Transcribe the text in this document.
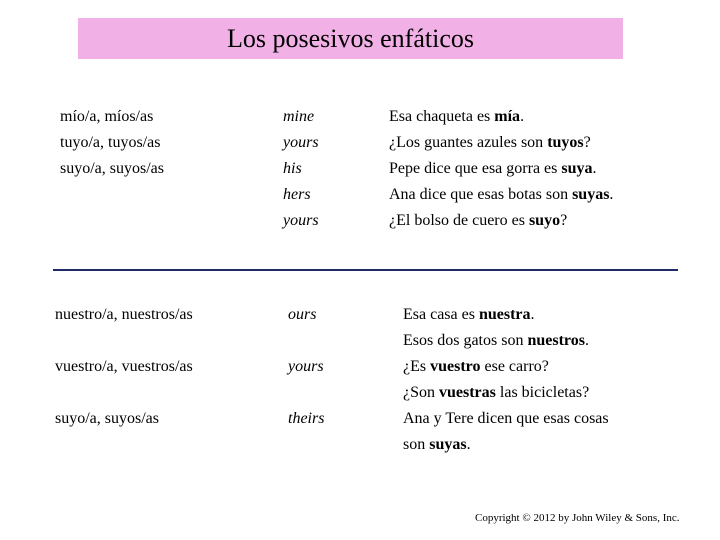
Los posesivos enfáticos
mío/a, míos/as
tuyo/a, tuyos/as
suyo/a, suyos/as
mine
yours
his
hers
yours
Esa chaqueta es mía.
¿Los guantes azules son tuyos?
Pepe dice que esa gorra es suya.
Ana dice que esas botas son suyas.
¿El bolso de cuero es suyo?
nuestro/a, nuestros/as
vuestro/a, vuestros/as
suyo/a, suyos/as
ours
yours
theirs
Esa casa es nuestra.
Esos dos gatos son nuestros.
¿Es vuestro ese carro?
¿Son vuestras las bicicletas?
Ana y Tere dicen que esas cosas
son suyas.
Copyright © 2012 by John Wiley & Sons, Inc.
